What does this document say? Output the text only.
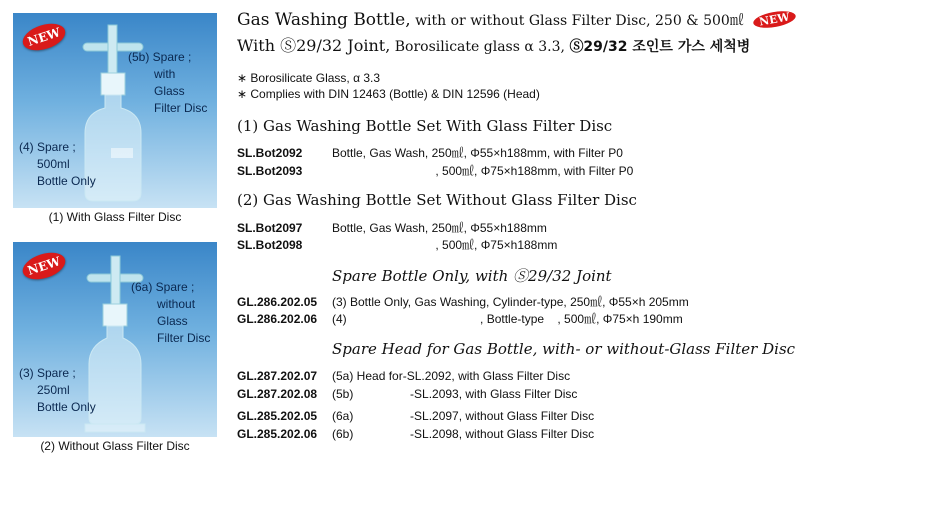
NEW
(5b) Spare ;
with
Glass
Filter Disc
(4) Spare ;
500ml
Bottle Only
(1) With Glass Filter Disc
NEW
(6a) Spare ;
without
Glass
Filter Disc
(3) Spare ;
250ml
Bottle Only
(2) Without Glass Filter Disc
Gas Washing Bottle, with or without Glass Filter Disc, 250 & 500㎖ NEW
With Ⓢ29/32 Joint, Borosilicate glass α 3.3, Ⓢ29/32 조인트 가스 세척병
∗ Borosilicate Glass, α 3.3
∗ Complies with DIN 12463 (Bottle) & DIN 12596 (Head)
(1) Gas Washing Bottle Set With Glass Filter Disc
SL.Bot2092 Bottle, Gas Wash, 250㎖, Φ55×h188mm, with Filter P0
SL.Bot2093 , 500㎖, Φ75×h188mm, with Filter P0
(2) Gas Washing Bottle Set Without Glass Filter Disc
SL.Bot2097 Bottle, Gas Wash, 250㎖, Φ55×h188mm
SL.Bot2098 , 500㎖, Φ75×h188mm
Spare Bottle Only, with Ⓢ29/32 Joint
GL.286.202.05 (3) Bottle Only, Gas Washing, Cylinder-type, 250㎖, Φ55×h 205mm
GL.286.202.06 (4)                                        , Bottle-type    , 500㎖, Φ75×h 190mm
Spare Head for Gas Bottle, with- or without-Glass Filter Disc
GL.287.202.07 (5a) Head for-SL.2092, with Glass Filter Disc
GL.287.202.08 (5b)                 -SL.2093, with Glass Filter Disc
GL.285.202.05 (6a)                 -SL.2097, without Glass Filter Disc
GL.285.202.06 (6b)                 -SL.2098, without Glass Filter Disc
